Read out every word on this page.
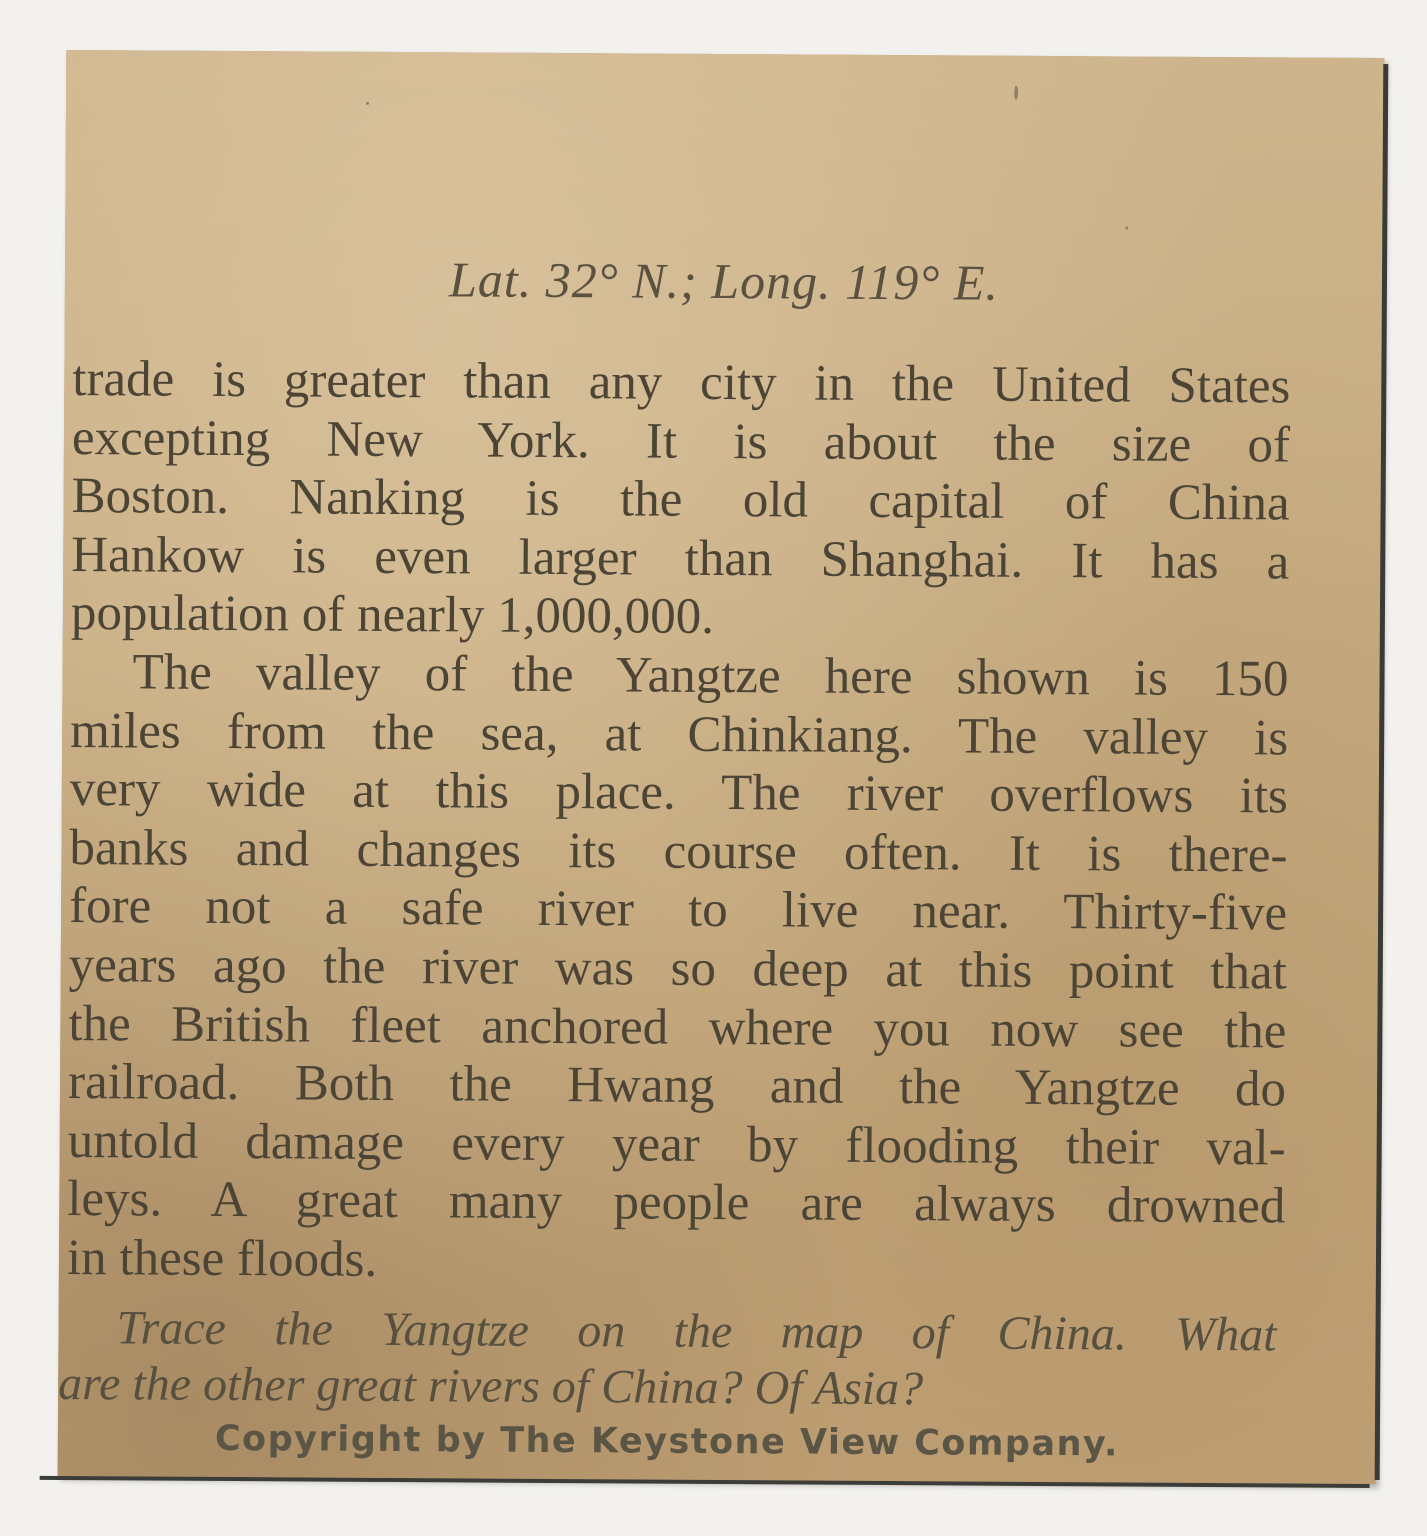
Lat. 32° N.; Long. 119° E.
trade is greater than any city in the United States
excepting New York. It is about the size of
Boston. Nanking is the old capital of China
Hankow is even larger than Shanghai. It has a
population of nearly 1,000,000.
The valley of the Yangtze here shown is 150
miles from the sea, at Chinkiang. The valley is
very wide at this place. The river overflows its
banks and changes its course often. It is there-
fore not a safe river to live near. Thirty-five
years ago the river was so deep at this point that
the British fleet anchored where you now see the
railroad. Both the Hwang and the Yangtze do
untold damage every year by flooding their val-
leys. A great many people are always drowned
in these floods.
Trace the Yangtze on the map of China. What
are the other great rivers of China? Of Asia?
Copyright by The Keystone View Company.
